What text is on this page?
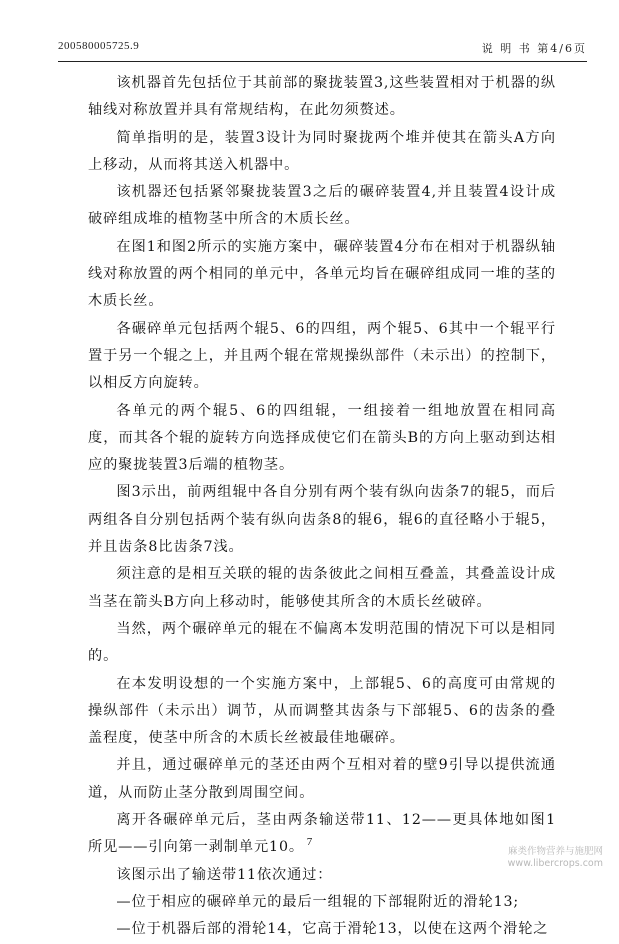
200580005725.9	说 明 书 第4/6页

该机器首先包括位于其前部的聚拢装置3,这些装置相对于机器的纵轴线对称放置并具有常规结构，在此勿须赘述。

简单指明的是，装置3设计为同时聚拢两个堆并使其在箭头A方向上移动，从而将其送入机器中。

该机器还包括紧邻聚拢装置3之后的碾碎装置4,并且装置4设计成破碎组成堆的植物茎中所含的木质长丝。

在图1和图2所示的实施方案中，碾碎装置4分布在相对于机器纵轴线对称放置的两个相同的单元中，各单元均旨在碾碎组成同一堆的茎的木质长丝。

各碾碎单元包括两个辊5、6的四组，两个辊5、6其中一个辊平行置于另一个辊之上，并且两个辊在常规操纵部件（未示出）的控制下，以相反方向旋转。

各单元的两个辊5、6的四组辊，一组接着一组地放置在相同高度，而其各个辊的旋转方向选择成使它们在箭头B的方向上驱动到达相应的聚拢装置3后端的植物茎。

图3示出，前两组辊中各自分别有两个装有纵向齿条7的辊5，而后两组各自分别包括两个装有纵向齿条8的辊6，辊6的直径略小于辊5，并且齿条8比齿条7浅。

须注意的是相互关联的辊的齿条彼此之间相互叠盖，其叠盖设计成当茎在箭头B方向上移动时，能够使其所含的木质长丝破碎。

当然，两个碾碎单元的辊在不偏离本发明范围的情况下可以是相同的。

在本发明设想的一个实施方案中，上部辊5、6的高度可由常规的操纵部件（未示出）调节，从而调整其齿条与下部辊5、6的齿条的叠盖程度，使茎中所含的木质长丝被最佳地碾碎。

并且，通过碾碎单元的茎还由两个互相对着的壁9引导以提供流通道，从而防止茎分散到周围空间。

离开各碾碎单元后，茎由两条输送带11、12——更具体地如图1所见——引向第一剥制单元10。

该图示出了输送带11依次通过：

—位于相应的碾碎单元的最后一组辊的下部辊附近的滑轮13;

—位于机器后部的滑轮14，它高于滑轮13，以使在这两个滑轮之

7
麻类作物营养与施肥网
www.libercrops.com
